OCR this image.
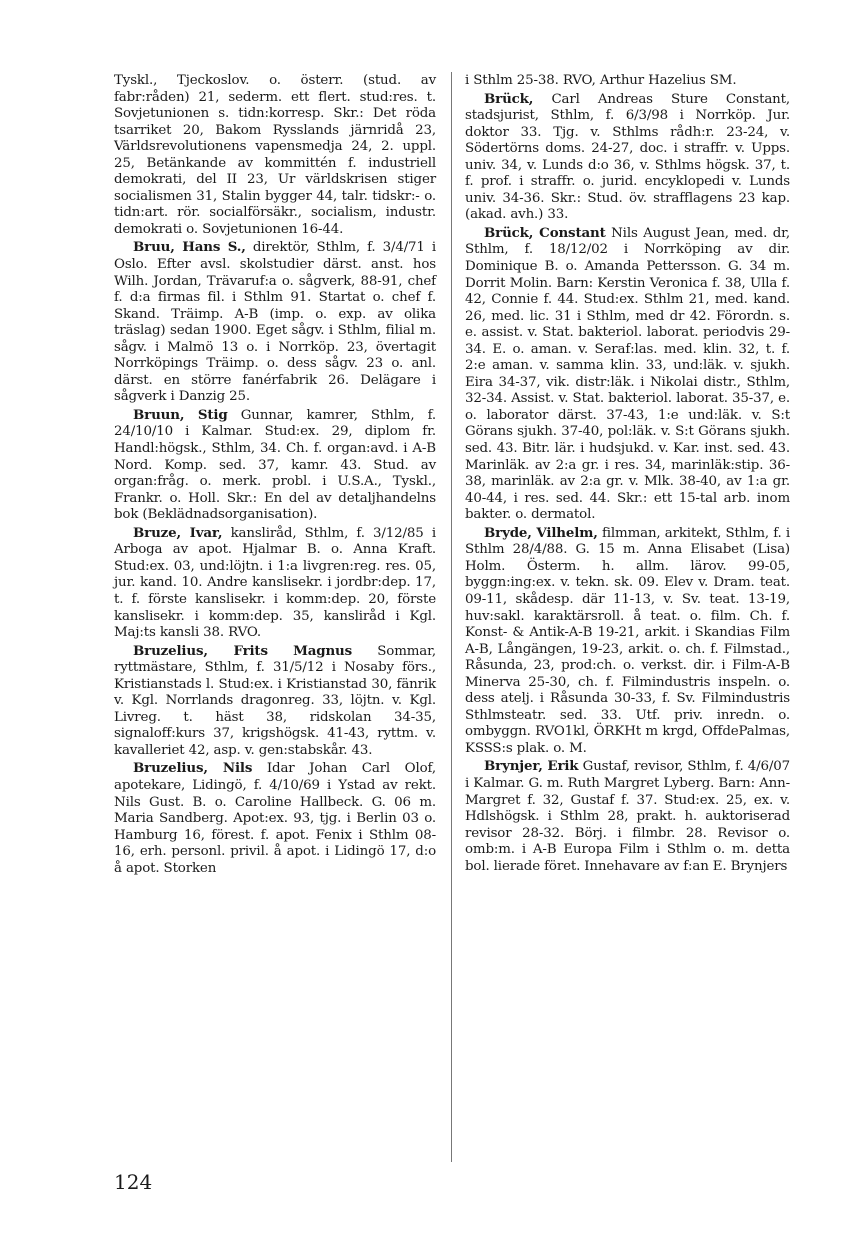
Tyskl., Tjeckoslov. o. österr. (stud. av fabr:råden) 21, sederm. ett flert. stud:res. t. Sovjetunionen s. tidn:korresp. Skr.: Det röda tsarriket 20, Bakom Rysslands järnridå 23, Världsrevolutionens vapensmedja 24, 2. uppl. 25, Betänkande av kommittén f. industriell demokrati, del II 23, Ur världskrisen stiger socialismen 31, Stalin bygger 44, talr. tidskr:- o. tidn:art. rör. socialförsäkr., socialism, industr. demokrati o. Sovjetunionen 16-44.

Bruu, Hans S., direktör, Sthlm, f. 3/4/71 i Oslo. Efter avsl. skolstudier därst. anst. hos Wilh. Jordan, Trävaruf:a o. sågverk, 88-91, chef f. d:a firmas fil. i Sthlm 91. Startat o. chef f. Skand. Träimp. A-B (imp. o. exp. av olika träslag) sedan 1900. Eget sågv. i Sthlm, filial m. sågv. i Malmö 13 o. i Norrköp. 23, övertagit Norrköpings Träimp. o. dess sågv. 23 o. anl. därst. en större fanérfabrik 26. Delägare i sågverk i Danzig 25.

Bruun, Stig Gunnar, kamrer, Sthlm, f. 24/10/10 i Kalmar. Stud:ex. 29, diplom fr. Handl:högsk., Sthlm, 34. Ch. f. organ:avd. i A-B Nord. Komp. sed. 37, kamr. 43. Stud. av organ:fråg. o. merk. probl. i U.S.A., Tyskl., Frankr. o. Holl. Skr.: En del av detaljhandelns bok (Beklädnadsorganisation).

Bruze, Ivar, kanslіråd, Sthlm, f. 3/12/85 i Arboga av apot. Hjalmar B. o. Anna Kraft. Stud:ex. 03, und:löjtn. i 1:a livgren:reg. res. 05, jur. kand. 10. Andre kanslisekr. i jordbr:dep. 17, t. f. förste kanslisekr. i komm:dep. 20, förste kanslisekr. i komm:dep. 35, kanslіråd i Kgl. Maj:ts kansli 38. RVO.

Bruzelius, Frits Magnus Sommar, ryttmästare, Sthlm, f. 31/5/12 i Nosaby förs., Kristianstads l. Stud:ex. i Kristianstad 30, fänrik v. Kgl. Norrlands dragonreg. 33, löjtn. v. Kgl. Livreg. t. häst 38, ridskolan 34-35, signaloff:kurs 37, krigshögsk. 41-43, ryttm. v. kavalleriet 42, asp. v. gen:stabskår. 43.

Bruzelius, Nils Idar Johan Carl Olof, apotekare, Lidingö, f. 4/10/69 i Ystad av rekt. Nils Gust. B. o. Caroline Hallbeck. G. 06 m. Maria Sandberg. Apot:ex. 93, tjg. i Berlin 03 o. Hamburg 16, förest. f. apot. Fenix i Sthlm 08-16, erh. personl. privil. å apot. i Lidingö 17, d:o å apot. Storken

i Sthlm 25-38. RVO, Arthur Hazelius SM.

Brück, Carl Andreas Sture Constant, stadsjurist, Sthlm, f. 6/3/98 i Norrköp. Jur. doktor 33. Tjg. v. Sthlms rådh:r. 23-24, v. Södertörns doms. 24-27, doc. i straffr. v. Upps. univ. 34, v. Lunds d:o 36, v. Sthlms högsk. 37, t. f. prof. i straffr. o. jurid. encyklopedi v. Lunds univ. 34-36. Skr.: Stud. öv. strafflagens 23 kap. (akad. avh.) 33.

Brück, Constant Nils August Jean, med. dr, Sthlm, f. 18/12/02 i Norrköping av dir. Dominique B. o. Amanda Pettersson. G. 34 m. Dorrit Molin. Barn: Kerstin Veronica f. 38, Ulla f. 42, Connie f. 44. Stud:ex. Sthlm 21, med. kand. 26, med. lic. 31 i Sthlm, med dr 42. Förordn. s. e. assist. v. Stat. bakteriol. laborat. periodvis 29-34. E. o. aman. v. Seraf:las. med. klin. 32, t. f. 2:e aman. v. samma klin. 33, und:läk. v. sjukh. Eira 34-37, vik. distr:läk. i Nikolai distr., Sthlm, 32-34. Assist. v. Stat. bakteriol. laborat. 35-37, e. o. laborator därst. 37-43, 1:e und:läk. v. S:t Görans sjukh. 37-40, pol:läk. v. S:t Görans sjukh. sed. 43. Bitr. lär. i hudsjukd. v. Kar. inst. sed. 43. Marinläk. av 2:a gr. i res. 34, marinläk:stip. 36-38, marinläk. av 2:a gr. v. Mlk. 38-40, av 1:a gr. 40-44, i res. sed. 44. Skr.: ett 15-tal arb. inom bakter. o. dermatol.

Bryde, Vilhelm, filmman, arkitekt, Sthlm, f. i Sthlm 28/4/88. G. 15 m. Anna Elisabet (Lisa) Holm. Österm. h. allm. lärov. 99-05, byggn:ing:ex. v. tekn. sk. 09. Elev v. Dram. teat. 09-11, skådesp. där 11-13, v. Sv. teat. 13-19, huv:sakl. karaktärsroll. å teat. o. film. Ch. f. Konst- & Antik-A-B 19-21, arkit. i Skandias Film A-B, Långängen, 19-23, arkit. o. ch. f. Filmstad., Råsunda, 23, prod:ch. o. verkst. dir. i Film-A-B Minerva 25-30, ch. f. Filmindustris inspeln. o. dess atelj. i Råsunda 30-33, f. Sv. Filmindustris Sthlmsteatr. sed. 33. Utf. priv. inredn. o. ombyggn. RVO1kl, ÖRKHt m krgd, OffdePalmas, KSSS:s plak. o. M.

Brynjer, Erik Gustaf, revisor, Sthlm, f. 4/6/07 i Kalmar. G. m. Ruth Margret Lyberg. Barn: Ann-Margret f. 32, Gustaf f. 37. Stud:ex. 25, ex. v. Hdlshögsk. i Sthlm 28, prakt. h. auktoriserad revisor 28-32. Börj. i filmbr. 28. Revisor o. omb:m. i A-B Europa Film i Sthlm o. m. detta bol. lierade föret. Innehavare av f:an E. Brynjers

124
